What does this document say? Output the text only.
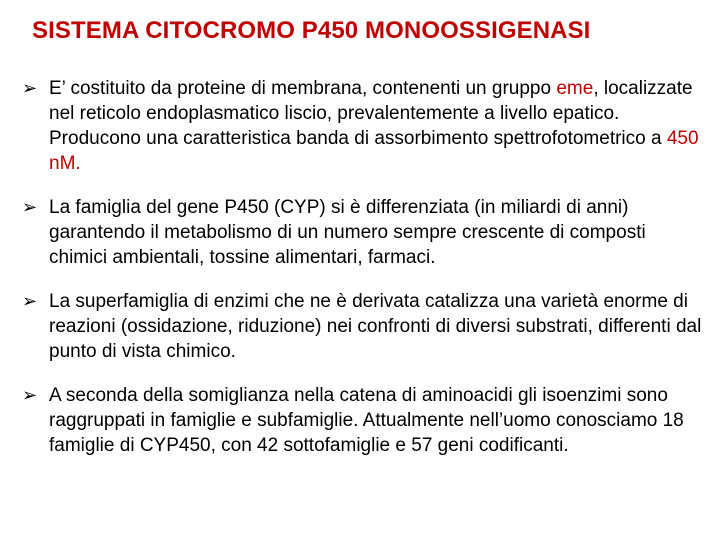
SISTEMA CITOCROMO P450 MONOOSSIGENASI
➢ E’ costituito da proteine di membrana, contenenti un gruppo eme, localizzate nel reticolo endoplasmatico liscio, prevalentemente a livello epatico. Producono una caratteristica banda di assorbimento spettrofotometrico a 450 nM.
➢ La famiglia del gene P450 (CYP) si è differenziata (in miliardi di anni) garantendo il metabolismo di un numero sempre crescente di composti chimici ambientali, tossine alimentari, farmaci.
➢ La superfamiglia di enzimi che ne è derivata catalizza una varietà enorme di reazioni (ossidazione, riduzione) nei confronti di diversi substrati, differenti dal punto di vista chimico.
➢ A seconda della somiglianza nella catena di aminoacidi gli isoenzimi sono raggruppati in famiglie e subfamiglie. Attualmente nell’uomo conosciamo 18 famiglie di CYP450, con 42 sottofamiglie e 57 geni codificanti.
